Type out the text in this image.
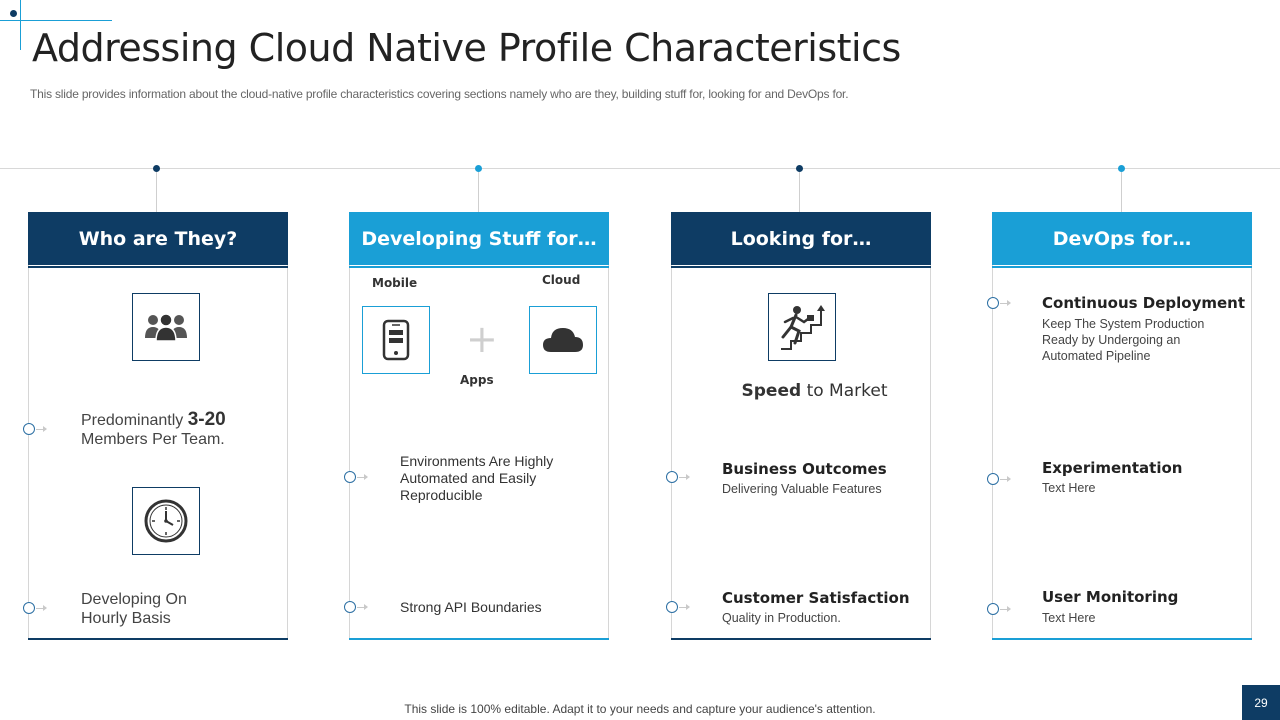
Addressing Cloud Native Profile Characteristics

This slide provides information about the cloud-native profile characteristics covering sections namely who are they, building stuff for, looking for and DevOps for.

Who are They?
Predominantly 3-20
Members Per Team.
Developing On Hourly Basis
Developing Stuff for…
Mobile	Cloud
+
Apps
Environments Are Highly Automated and Easily Reproducible
Strong API Boundaries
Looking for…
Speed to Market
Business Outcomes
Delivering Valuable Features
Customer Satisfaction
Quality in Production.
DevOps for…
Continuous Deployment
Keep The System Production Ready by Undergoing an Automated Pipeline
Experimentation
Text Here
User Monitoring
Text Here

This slide is 100% editable. Adapt it to your needs and capture your audience's attention.	29
